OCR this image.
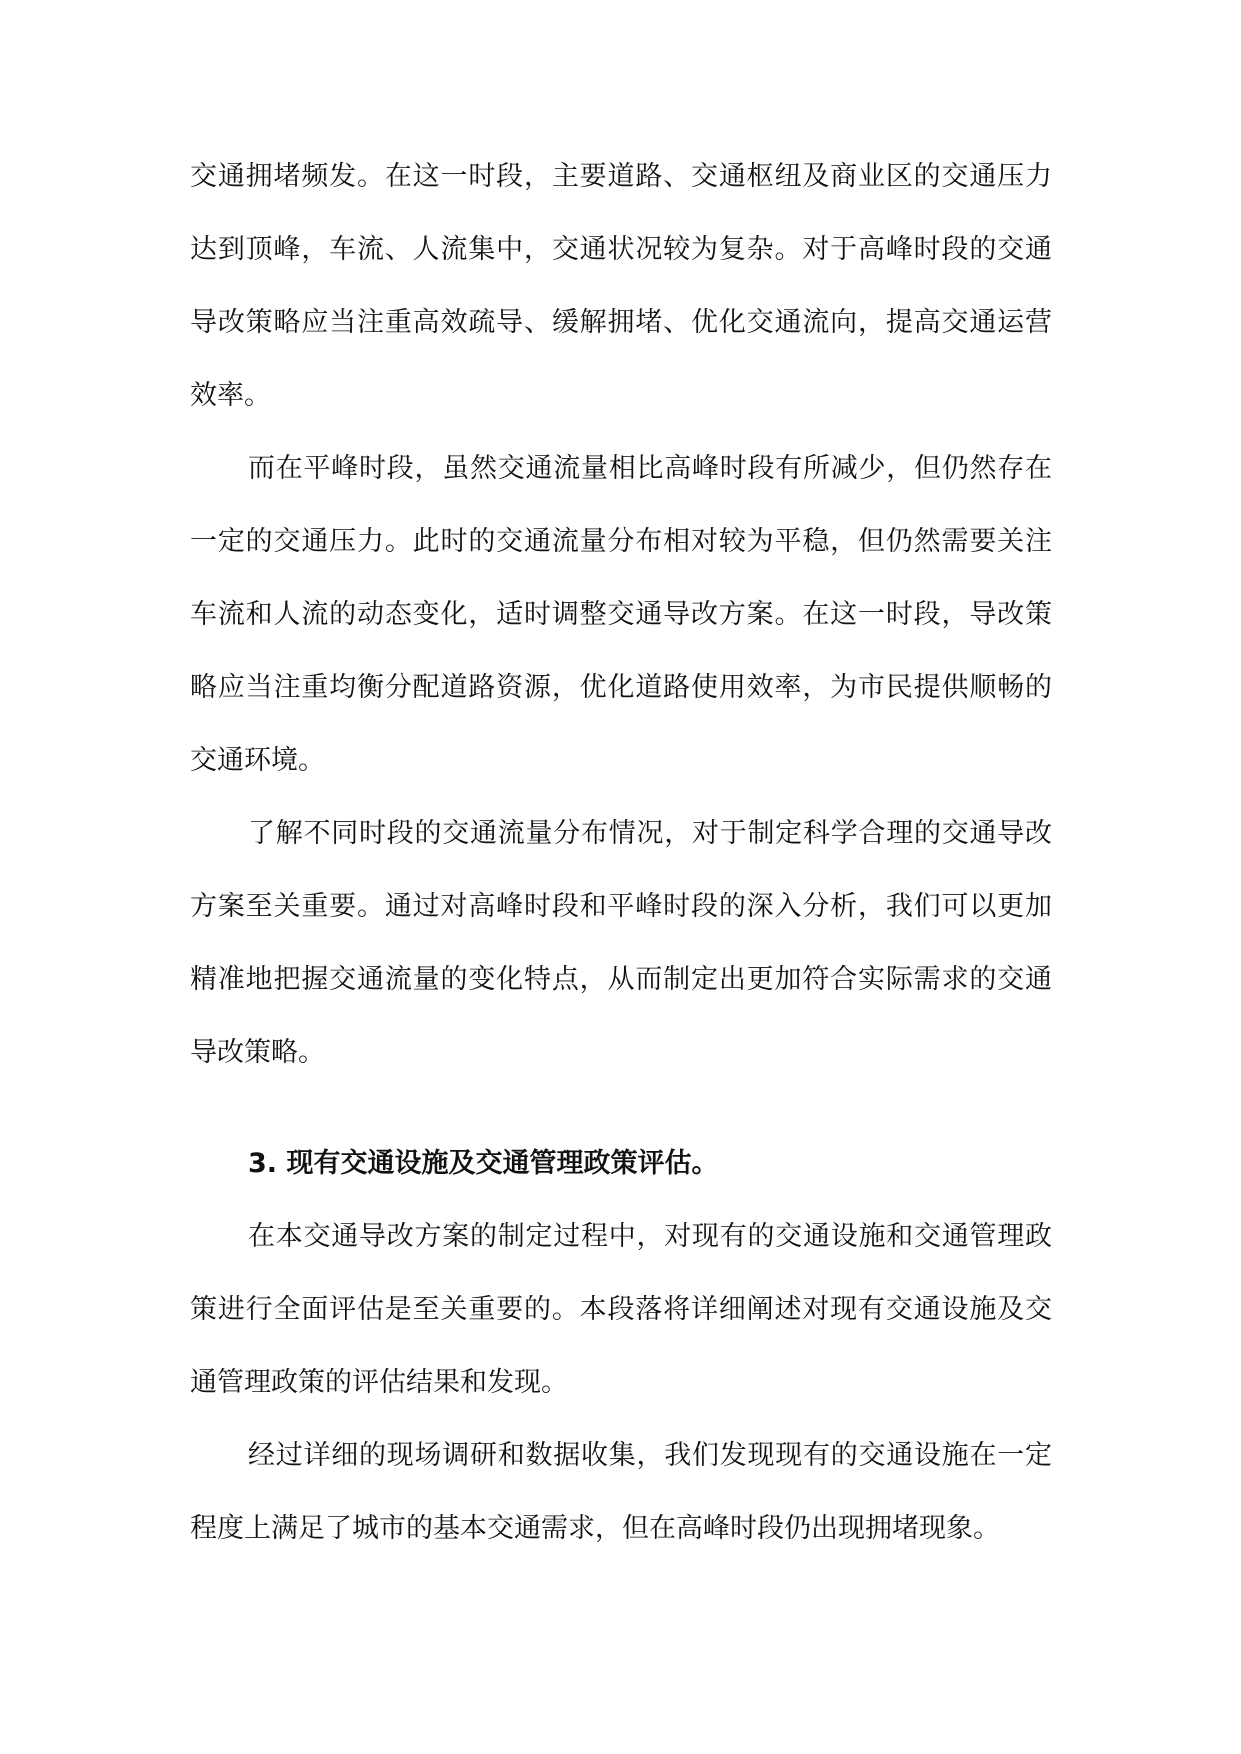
交通拥堵频发。在这一时段，主要道路、交通枢纽及商业区的交通压力达到顶峰，车流、人流集中，交通状况较为复杂。对于高峰时段的交通导改策略应当注重高效疏导、缓解拥堵、优化交通流向，提高交通运营效率。

而在平峰时段，虽然交通流量相比高峰时段有所减少，但仍然存在一定的交通压力。此时的交通流量分布相对较为平稳，但仍然需要关注车流和人流的动态变化，适时调整交通导改方案。在这一时段，导改策略应当注重均衡分配道路资源，优化道路使用效率，为市民提供顺畅的交通环境。

了解不同时段的交通流量分布情况，对于制定科学合理的交通导改方案至关重要。通过对高峰时段和平峰时段的深入分析，我们可以更加精准地把握交通流量的变化特点，从而制定出更加符合实际需求的交通导改策略。

3. 现有交通设施及交通管理政策评估。

在本交通导改方案的制定过程中，对现有的交通设施和交通管理政策进行全面评估是至关重要的。本段落将详细阐述对现有交通设施及交通管理政策的评估结果和发现。

经过详细的现场调研和数据收集，我们发现现有的交通设施在一定程度上满足了城市的基本交通需求，但在高峰时段仍出现拥堵现象。
